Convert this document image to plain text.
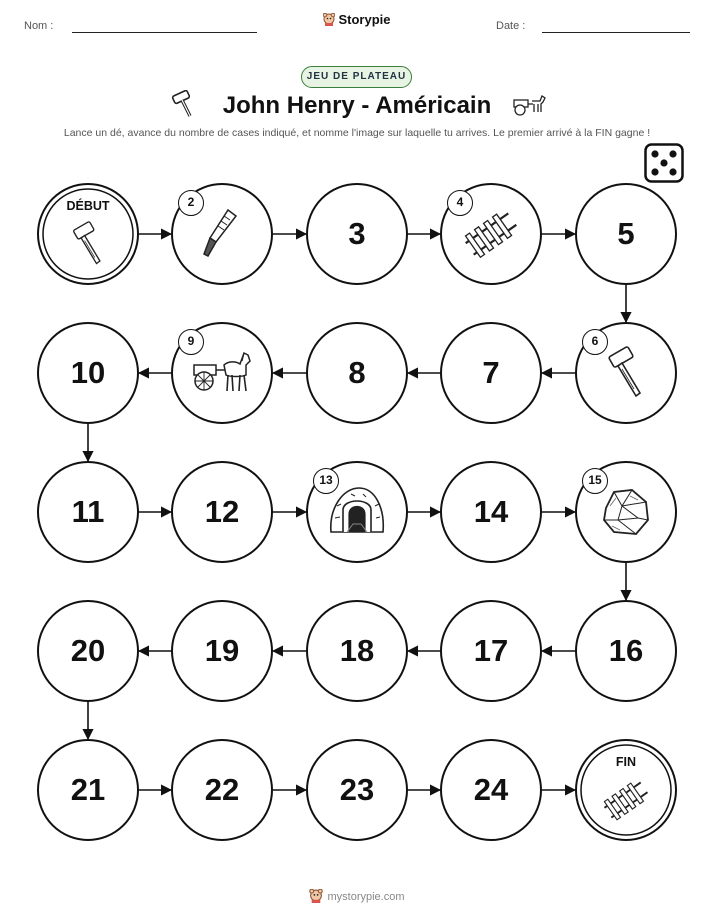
Nom :	Storypie	Date :
JEU DE PLATEAU
John Henry - Américain
Lance un dé, avance du nombre de cases indiqué, et nomme l'image sur laquelle tu arrives. Le premier arrivé à la FIN gagne !
DÉBUT	2
3
4
5
6
7
8
9
10
11	12
13
14
15
16
17
18
19
20
21	22	23	24
FIN
mystorypie.com
